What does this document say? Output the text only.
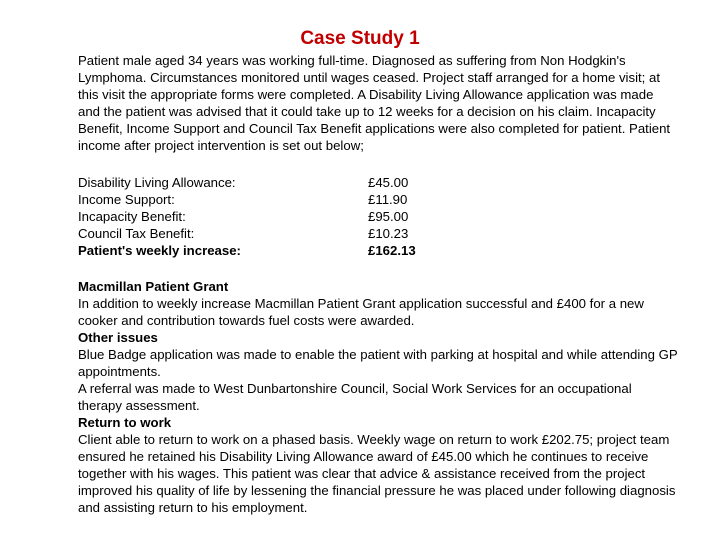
Case Study 1

Patient male aged 34 years was working full-time. Diagnosed as suffering from Non Hodgkin's Lymphoma. Circumstances monitored until wages ceased. Project staff arranged for a home visit; at this visit the appropriate forms were completed. A Disability Living Allowance application was made and the patient was advised that it could take up to 12 weeks for a decision on his claim. Incapacity Benefit, Income Support and Council Tax Benefit applications were also completed for patient. Patient income after project intervention is set out below;

Disability Living Allowance:	£45.00
Income Support:	£11.90
Incapacity Benefit:	£95.00
Council Tax Benefit:	£10.23
Patient's weekly increase:	£162.13

Macmillan Patient Grant

In addition to weekly increase Macmillan Patient Grant application successful and £400 for a new cooker and contribution towards fuel costs were awarded.

Other issues

Blue Badge application was made to enable the patient with parking at hospital and while attending GP appointments.

A referral was made to West Dunbartonshire Council, Social Work Services for an occupational therapy assessment.

Return to work

Client able to return to work on a phased basis. Weekly wage on return to work £202.75; project team ensured he retained his Disability Living Allowance award of £45.00 which he continues to receive together with his wages. This patient was clear that advice & assistance received from the project improved his quality of life by lessening the financial pressure he was placed under following diagnosis and assisting return to his employment.
